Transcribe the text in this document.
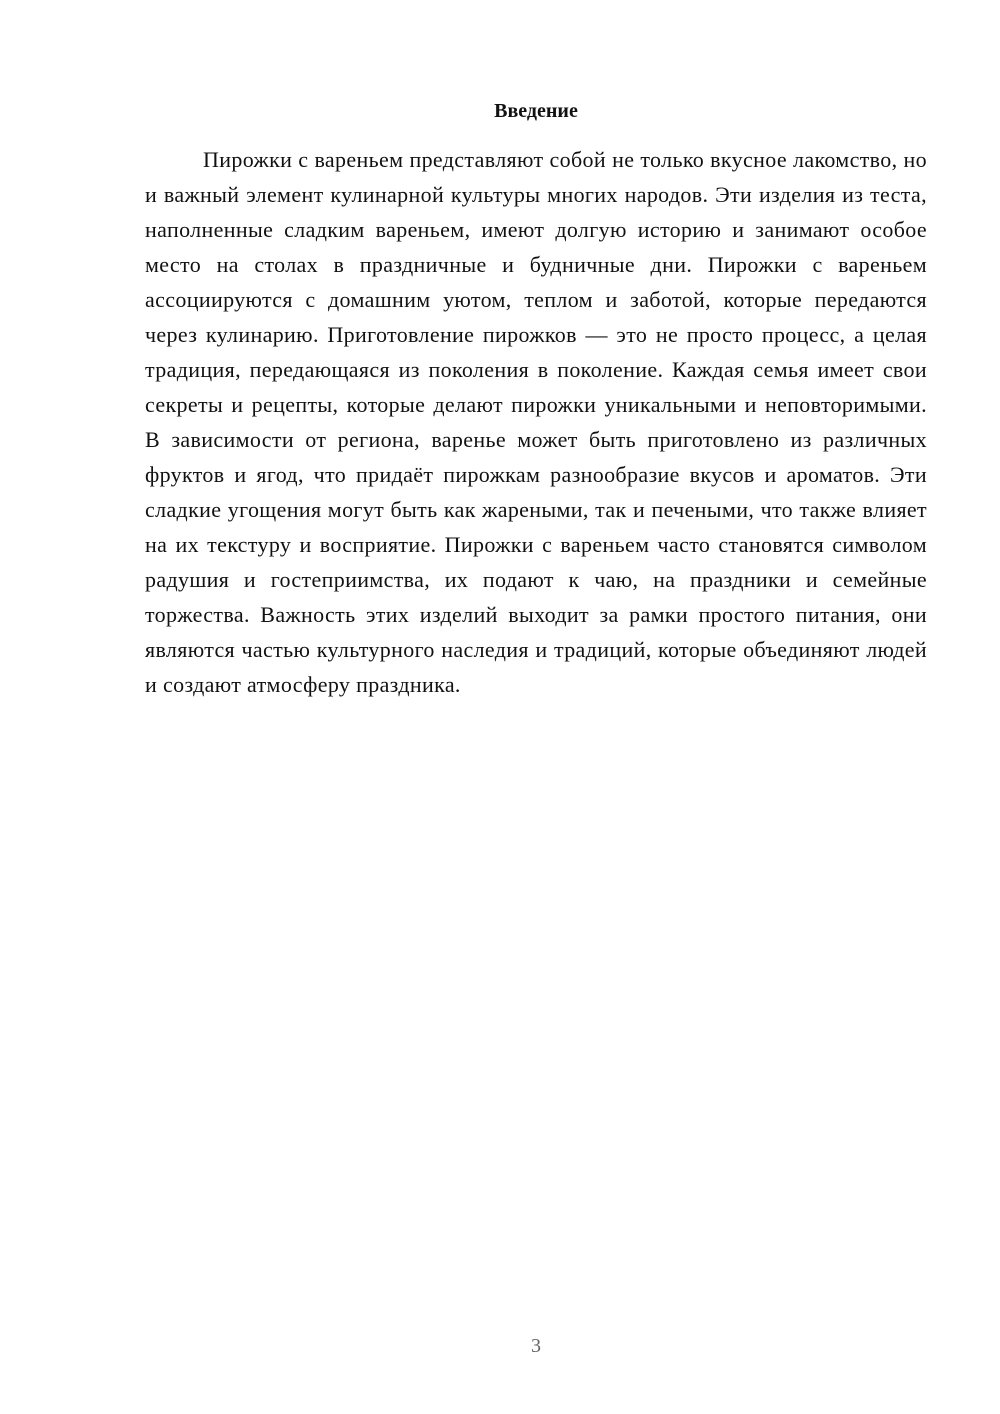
Введение

Пирожки с вареньем представляют собой не только вкусное лакомство, но и важный элемент кулинарной культуры многих народов. Эти изделия из теста, наполненные сладким вареньем, имеют долгую историю и занимают особое место на столах в праздничные и будничные дни. Пирожки с вареньем ассоциируются с домашним уютом, теплом и заботой, которые передаются через кулинарию. Приготовление пирожков — это не просто процесс, а целая традиция, передающаяся из поколения в поколение. Каждая семья имеет свои секреты и рецепты, которые делают пирожки уникальными и неповторимыми. В зависимости от региона, варенье может быть приготовлено из различных фруктов и ягод, что придаёт пирожкам разнообразие вкусов и ароматов. Эти сладкие угощения могут быть как жареными, так и печеными, что также влияет на их текстуру и восприятие. Пирожки с вареньем часто становятся символом радушия и гостеприимства, их подают к чаю, на праздники и семейные торжества. Важность этих изделий выходит за рамки простого питания, они являются частью культурного наследия и традиций, которые объединяют людей и создают атмосферу праздника.

3
